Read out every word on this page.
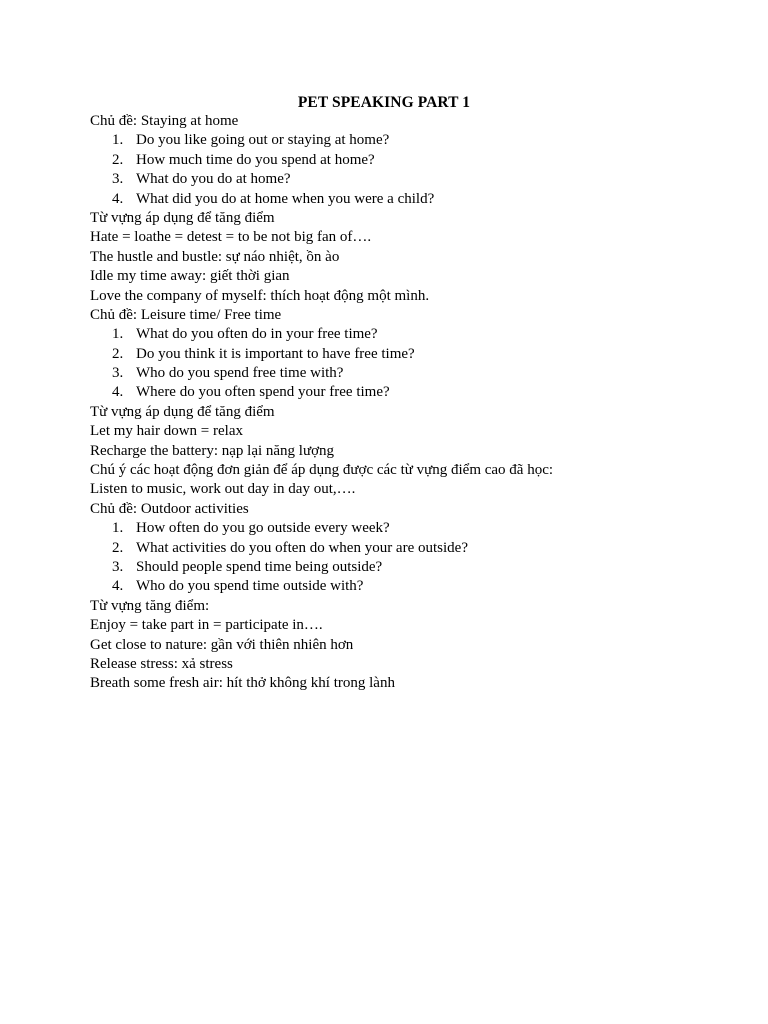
PET SPEAKING PART 1
Chủ đề: Staying at home
1. Do you like going out or staying at home?
2. How much time do you spend at home?
3. What do you do at home?
4. What did you do at home when you were a child?
Từ vựng áp dụng để tăng điểm
Hate = loathe = detest = to be not big fan of….
The hustle and bustle: sự náo nhiệt, ồn ào
Idle my time away: giết thời gian
Love the company of myself: thích hoạt động một mình.
Chủ đề: Leisure time/ Free time
1. What do you often do in your free time?
2. Do you think it is important to have free time?
3. Who do you spend free time with?
4. Where do you often spend your free time?
Từ vựng áp dụng để tăng điểm
Let my hair down = relax
Recharge the battery: nạp lại năng lượng
Chú ý các hoạt động đơn giản để áp dụng được các từ vựng điểm cao đã học:
Listen to music, work out day in day out,….
Chủ đề: Outdoor activities
1. How often do you go outside every week?
2. What activities do you often do when your are outside?
3. Should people spend time being outside?
4. Who do you spend time outside with?
Từ vựng tăng điểm:
Enjoy = take part in = participate in….
Get close to nature: gần với thiên nhiên hơn
Release stress: xả stress
Breath some fresh air: hít thở không khí trong lành
